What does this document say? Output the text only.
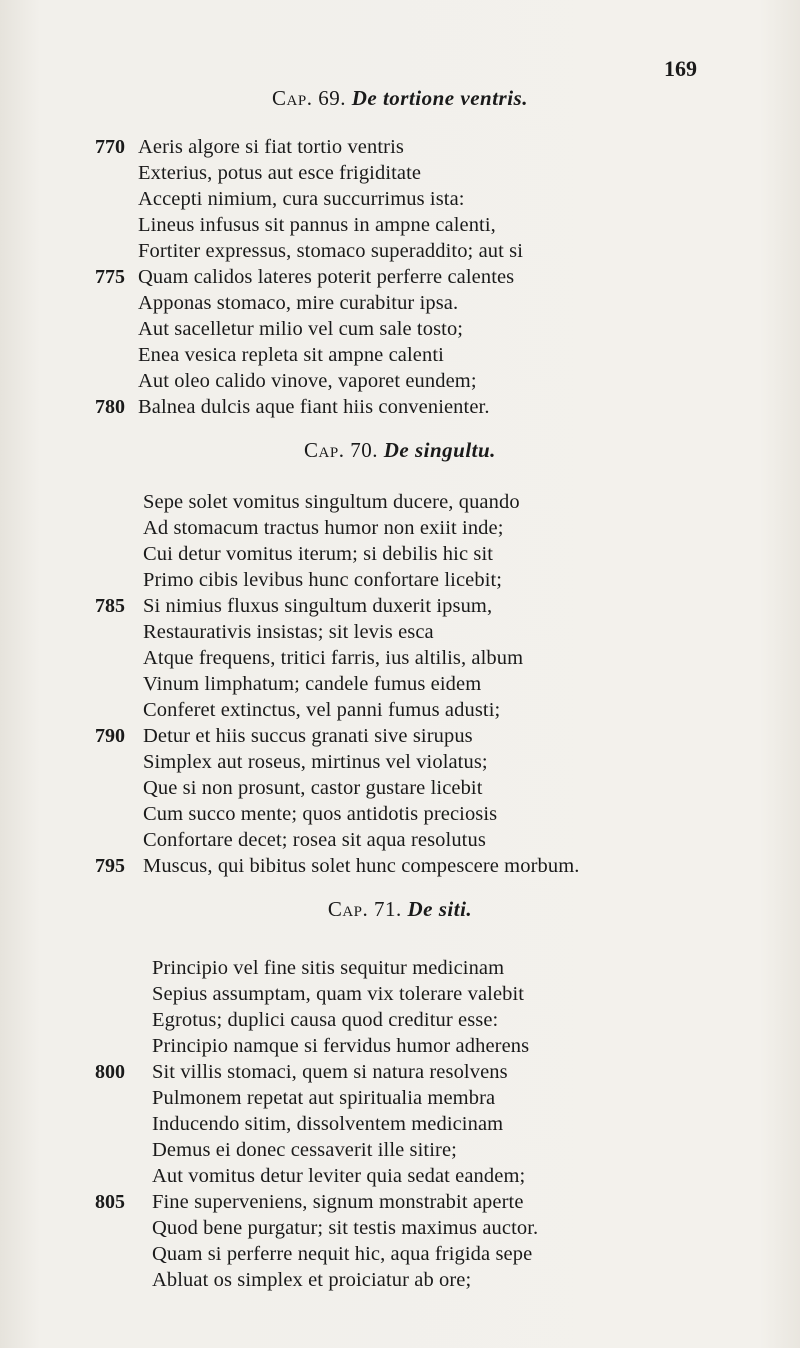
169
Cap. 69. De tortione ventris.
770 Aeris algore si fiat tortio ventris
Exterius, potus aut esce frigiditate
Accepti nimium, cura succurrimus ista:
Lineus infusus sit pannus in ampne calenti,
Fortiter expressus, stomaco superaddito; aut si
775 Quam calidos lateres poterit perferre calentes
Apponas stomaco, mire curabitur ipsa.
Aut sacelletur milio vel cum sale tosto;
Enea vesica repleta sit ampne calenti
Aut oleo calido vinove, vaporet eundem;
780 Balnea dulcis aque fiant hiis convenienter.
Cap. 70. De singultu.
Sepe solet vomitus singultum ducere, quando
Ad stomacum tractus humor non exiit inde;
Cui detur vomitus iterum; si debilis hic sit
Primo cibis levibus hunc confortare licebit;
785 Si nimius fluxus singultum duxerit ipsum,
Restaurativis insistas; sit levis esca
Atque frequens, tritici farris, ius altilis, album
Vinum limphatum; candele fumus eidem
Conferet extinctus, vel panni fumus adusti;
790 Detur et hiis succus granati sive sirupus
Simplex aut roseus, mirtinus vel violatus;
Que si non prosunt, castor gustare licebit
Cum succo mente; quos antidotis preciosis
Confortare decet; rosea sit aqua resolutus
795 Muscus, qui bibitus solet hunc compescere morbum.
Cap. 71. De siti.
Principio vel fine sitis sequitur medicinam
Sepius assumptam, quam vix tolerare valebit
Egrotus; duplici causa quod creditur esse:
Principio namque si fervidus humor adherens
800 Sit villis stomaci, quem si natura resolvens
Pulmonem repetat aut spiritualia membra
Inducendo sitim, dissolventem medicinam
Demus ei donec cessaverit ille sitire;
Aut vomitus detur leviter quia sedat eandem;
805 Fine superveniens, signum monstrabit aperte
Quod bene purgatur; sit testis maximus auctor.
Quam si perferre nequit hic, aqua frigida sepe
Abluat os simplex et proiciatur ab ore;
